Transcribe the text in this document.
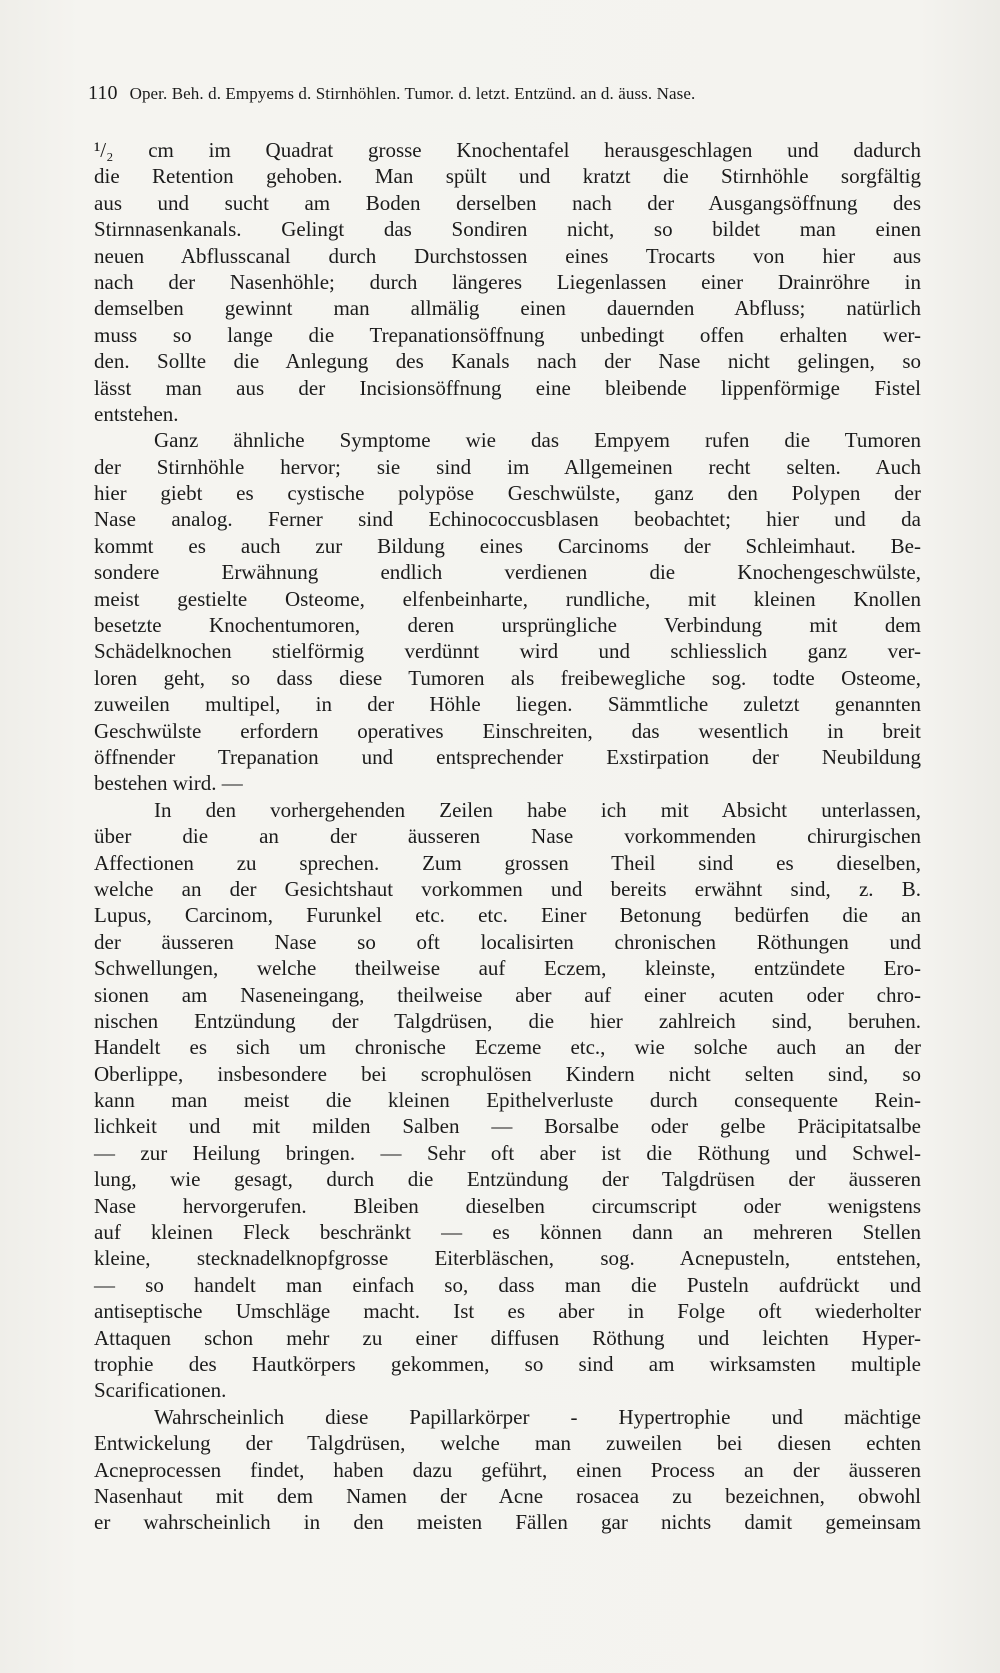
110 Oper. Beh. d. Empyems d. Stirnhöhlen. Tumor. d. letzt. Entzünd. an d. äuss. Nase.
¹/₂ cm im Quadrat grosse Knochentafel herausgeschlagen und dadurch
die Retention gehoben. Man spült und kratzt die Stirnhöhle sorgfältig
aus und sucht am Boden derselben nach der Ausgangsöffnung des
Stirnnasenkanals. Gelingt das Sondiren nicht, so bildet man einen
neuen Abflusscanal durch Durchstossen eines Trocarts von hier aus
nach der Nasenhöhle; durch längeres Liegenlassen einer Drainröhre in
demselben gewinnt man allmälig einen dauernden Abfluss; natürlich
muss so lange die Trepanationsöffnung unbedingt offen erhalten wer-
den. Sollte die Anlegung des Kanals nach der Nase nicht gelingen, so
lässt man aus der Incisionsöffnung eine bleibende lippenförmige Fistel
entstehen.
Ganz ähnliche Symptome wie das Empyem rufen die Tumoren
der Stirnhöhle hervor; sie sind im Allgemeinen recht selten. Auch
hier giebt es cystische polypöse Geschwülste, ganz den Polypen der
Nase analog. Ferner sind Echinococcusblasen beobachtet; hier und da
kommt es auch zur Bildung eines Carcinoms der Schleimhaut. Be-
sondere Erwähnung endlich verdienen die Knochengeschwülste,
meist gestielte Osteome, elfenbeinharte, rundliche, mit kleinen Knollen
besetzte Knochentumoren, deren ursprüngliche Verbindung mit dem
Schädelknochen stielförmig verdünnt wird und schliesslich ganz ver-
loren geht, so dass diese Tumoren als freibewegliche sog. todte Osteome,
zuweilen multipel, in der Höhle liegen. Sämmtliche zuletzt genannten
Geschwülste erfordern operatives Einschreiten, das wesentlich in breit
öffnender Trepanation und entsprechender Exstirpation der Neubildung
bestehen wird. —
In den vorhergehenden Zeilen habe ich mit Absicht unterlassen,
über die an der äusseren Nase vorkommenden chirurgischen
Affectionen zu sprechen. Zum grossen Theil sind es dieselben,
welche an der Gesichtshaut vorkommen und bereits erwähnt sind, z. B.
Lupus, Carcinom, Furunkel etc. etc. Einer Betonung bedürfen die an
der äusseren Nase so oft localisirten chronischen Röthungen und
Schwellungen, welche theilweise auf Eczem, kleinste, entzündete Ero-
sionen am Naseneingang, theilweise aber auf einer acuten oder chro-
nischen Entzündung der Talgdrüsen, die hier zahlreich sind, beruhen.
Handelt es sich um chronische Eczeme etc., wie solche auch an der
Oberlippe, insbesondere bei scrophulösen Kindern nicht selten sind, so
kann man meist die kleinen Epithelverluste durch consequente Rein-
lichkeit und mit milden Salben — Borsalbe oder gelbe Präcipitatsalbe
— zur Heilung bringen. — Sehr oft aber ist die Röthung und Schwel-
lung, wie gesagt, durch die Entzündung der Talgdrüsen der äusseren
Nase hervorgerufen. Bleiben dieselben circumscript oder wenigstens
auf kleinen Fleck beschränkt — es können dann an mehreren Stellen
kleine, stecknadelknopfgrosse Eiterbläschen, sog. Acnepusteln, entstehen,
— so handelt man einfach so, dass man die Pusteln aufdrückt und
antiseptische Umschläge macht. Ist es aber in Folge oft wiederholter
Attaquen schon mehr zu einer diffusen Röthung und leichten Hyper-
trophie des Hautkörpers gekommen, so sind am wirksamsten multiple
Scarificationen.
Wahrscheinlich diese Papillarkörper - Hypertrophie und mächtige
Entwickelung der Talgdrüsen, welche man zuweilen bei diesen echten
Acneprocessen findet, haben dazu geführt, einen Process an der äusseren
Nasenhaut mit dem Namen der Acne rosacea zu bezeichnen, obwohl
er wahrscheinlich in den meisten Fällen gar nichts damit gemeinsam
